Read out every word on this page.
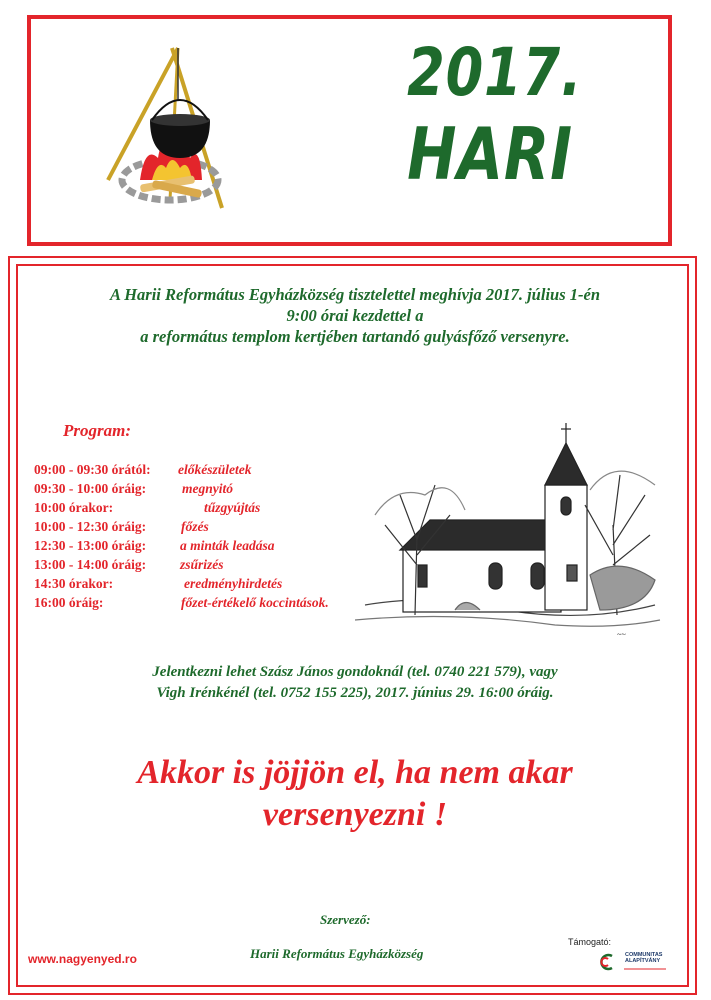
2017.
HARI
A Harii Református Egyházközség tisztelettel meghívja 2017. július 1-én
9:00 órai kezdettel a
a református templom kertjében tartandó gulyásfőző versenyre.
Program:
09:00 - 09:30 órától: előkészületek
09:30 - 10:00 óráig:	megnyitó
10:00 órakor:	tűzgyújtás
10:00 - 12:30 óráig:	főzés
12:30 - 13:00 óráig:	a minták leadása
13:00 - 14:00 óráig:	zsűrizés
14:30 órakor:	eredményhirdetés
16:00 óráig:	főzet-értékelő koccintások.
~~
Jelentkezni lehet Szász János gondoknál (tel. 0740 221 579), vagy
Vigh Irénkénél (tel. 0752 155 225), 2017. június 29. 16:00 óráig.
Akkor is jöjjön el, ha nem akar
versenyezni !
Szervező:
Harii Református Egyházközség
www.nagyenyed.ro
Támogató:
COMMUNITAS
ALAPÍTVÁNY
